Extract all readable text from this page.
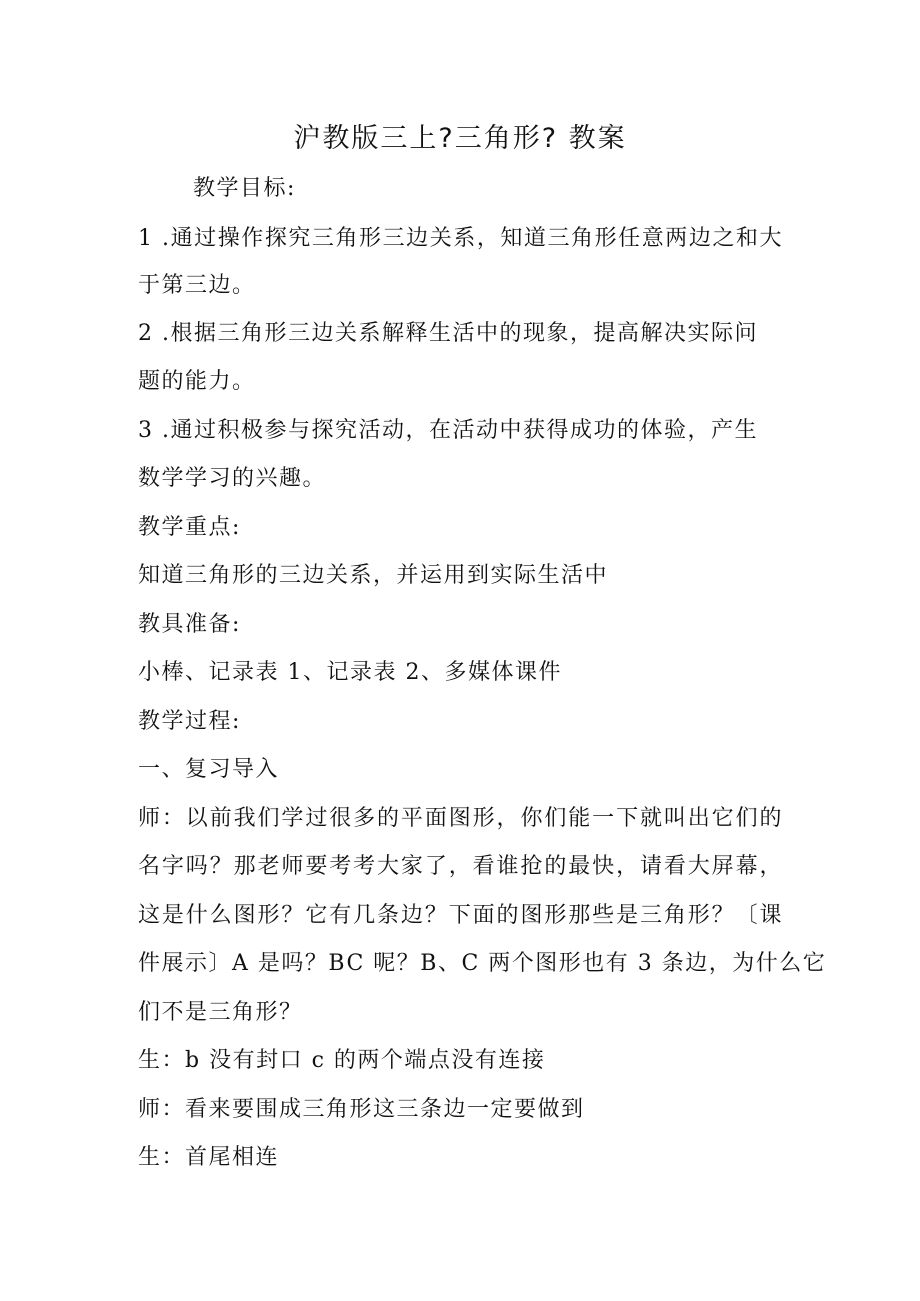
沪教版三上?三角形? 教案
教学目标:
1 .通过操作探究三角形三边关系，知道三角形任意两边之和大
于第三边。
2 .根据三角形三边关系解释生活中的现象，提高解决实际问
题的能力。
3 .通过积极参与探究活动，在活动中获得成功的体验，产生
数学学习的兴趣。
教学重点:
知道三角形的三边关系，并运用到实际生活中
教具准备:
小棒、记录表 1、记录表 2、多媒体课件
教学过程:
一、复习导入
师：以前我们学过很多的平面图形，你们能一下就叫出它们的
名字吗？那老师要考考大家了，看谁抢的最快，请看大屏幕，
这是什么图形？它有几条边？下面的图形那些是三角形？〔课
件展示〕A 是吗？BC 呢？B、C 两个图形也有 3 条边，为什么它
们不是三角形？
生：b 没有封口 c 的两个端点没有连接
师：看来要围成三角形这三条边一定要做到
生：首尾相连
